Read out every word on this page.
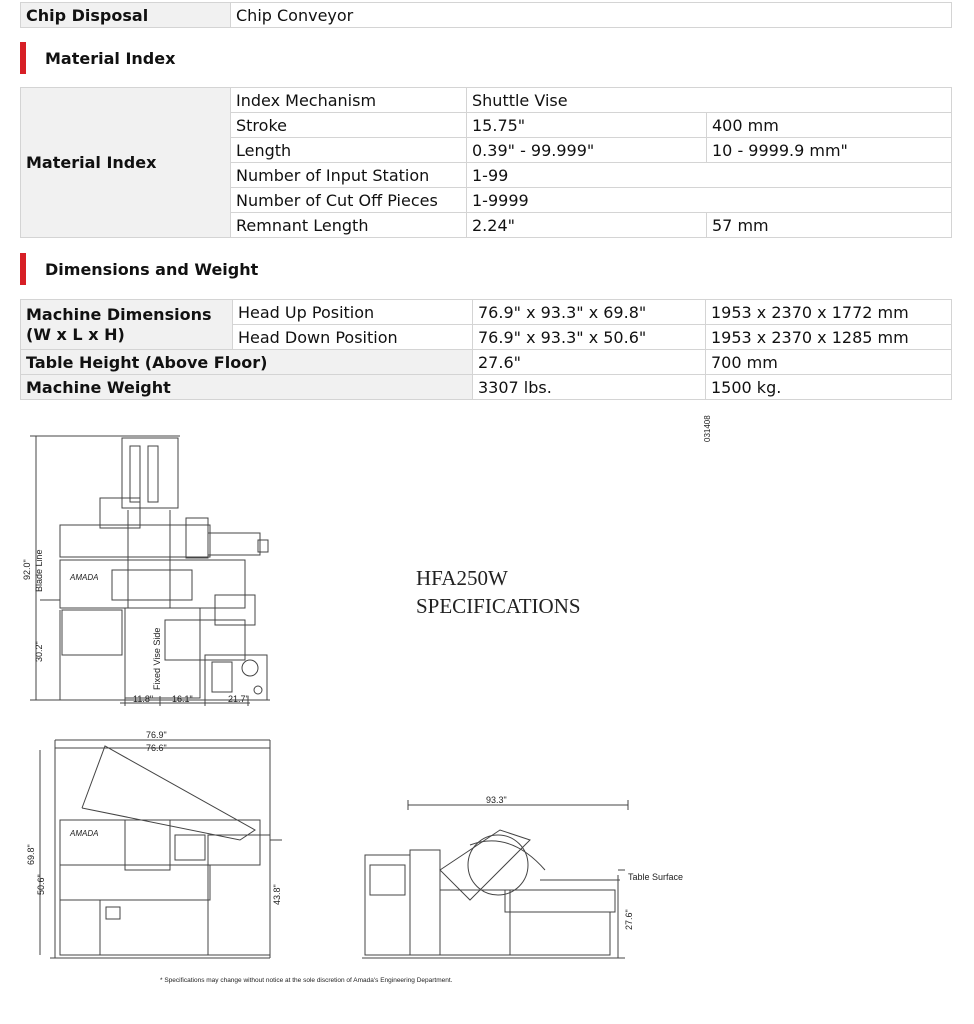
Chip Disposal	Chip Conveyor
Material Index
Material Index	Index Mechanism	Shuttle Vise	
	Stroke	15.75"	400 mm
	Length	0.39" - 99.999"	10 - 9999.9 mm"
	Number of Input Station	1-99	
	Number of Cut Off Pieces	1-9999	
	Remnant Length	2.24"	57 mm
Dimensions and Weight
Machine Dimensions
(W x L x H)	Head Up Position	76.9" x 93.3" x 69.8"	1953 x 2370 x 1772 mm
	Head Down Position	76.9" x 93.3" x 50.6"	1953 x 2370 x 1285 mm
Table Height (Above Floor)		27.6"	700 mm
Machine Weight		3307 lbs.	1500 kg.
HFA250W
SPECIFICATIONS
031408
AMADA
AMADA
92.0" Blade Line
30.2"	Fixed Vise Side
11.8" 16.1"	21.7"
76.9"
76.6"
69.8"
50.6"	43.8"
93.3"
Table Surface
27.6"
* Specifications may change without notice at the sole discretion of Amada's Engineering Department.
